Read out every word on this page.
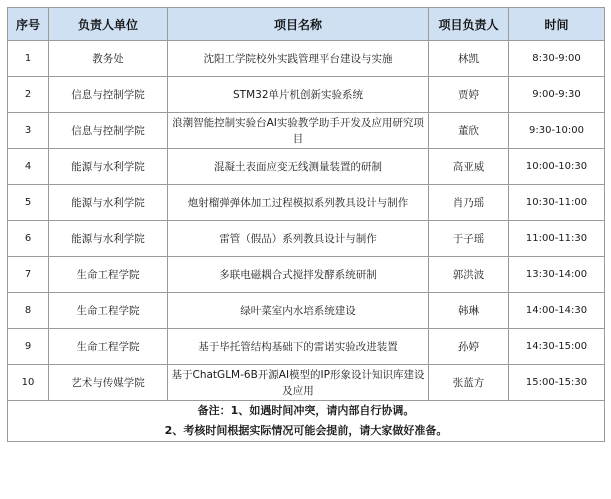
序号	负责人单位	项目名称	项目负责人	时间
1	教务处	沈阳工学院校外实践管理平台建设与实施	林凯	8:30-9:00
2	信息与控制学院	STM32单片机创新实验系统	贾婷	9:00-9:30
3	信息与控制学院	浪潮智能控制实验台AI实验教学助手开发及应用研究项目	董欣	9:30-10:00
4	能源与水利学院	混凝土表面应变无线测量装置的研制	高亚威	10:00-10:30
5	能源与水利学院	炮射榴弹弹体加工过程模拟系列教具设计与制作	肖乃瑶	10:30-11:00
6	能源与水利学院	雷管（假品）系列教具设计与制作	于子瑶	11:00-11:30
7	生命工程学院	多联电磁耦合式搅拌发酵系统研制	郭洪波	13:30-14:00
8	生命工程学院	绿叶菜室内水培系统建设	韩琳	14:00-14:30
9	生命工程学院	基于毕托管结构基础下的雷诺实验改进装置	孙婷	14:30-15:00
10	艺术与传媒学院	基于ChatGLM-6B开源AI模型的IP形象设计知识库建设及应用	张蓝方	15:00-15:30

备注：1、如遇时间冲突，请内部自行协调。
2、考核时间根据实际情况可能会提前，请大家做好准备。				
